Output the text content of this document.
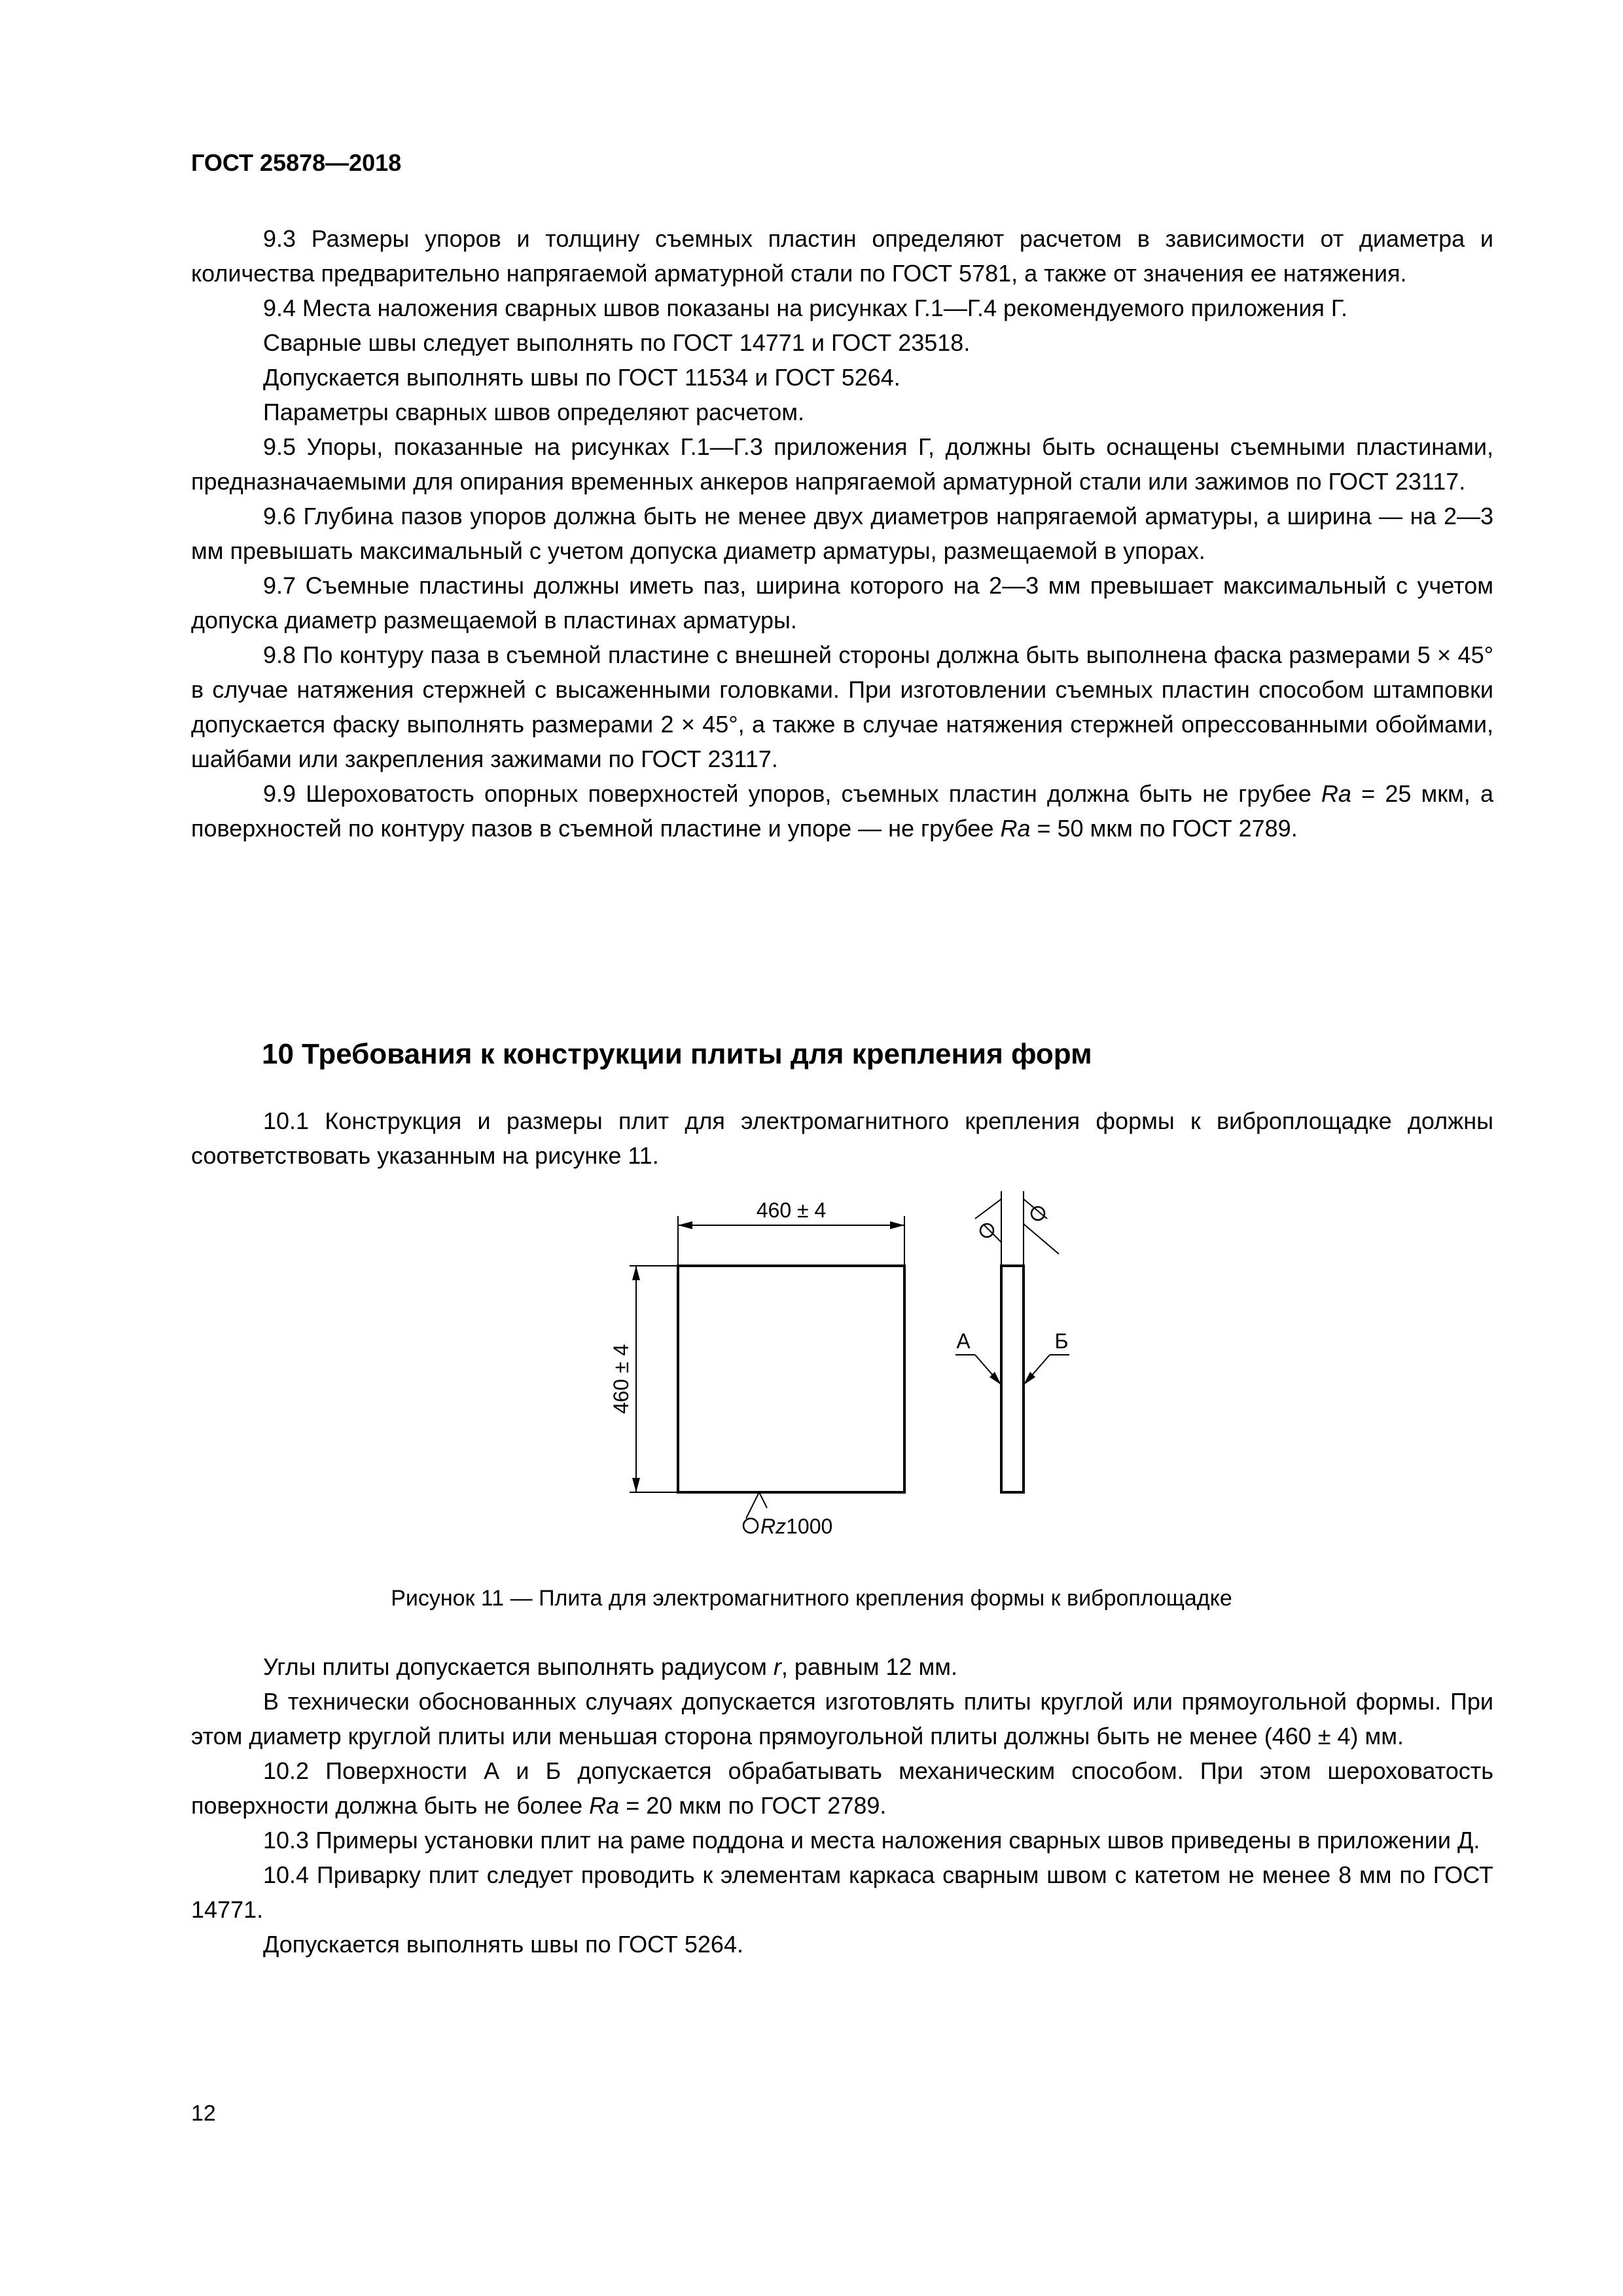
ГОСТ 25878—2018

9.3 Размеры упоров и толщину съемных пластин определяют расчетом в зависимости от диаметра и количества предварительно напрягаемой арматурной стали по ГОСТ 5781, а также от значения ее натяжения.

9.4 Места наложения сварных швов показаны на рисунках Г.1—Г.4 рекомендуемого приложения Г.

Сварные швы следует выполнять по ГОСТ 14771 и ГОСТ 23518.

Допускается выполнять швы по ГОСТ 11534 и ГОСТ 5264.

Параметры сварных швов определяют расчетом.

9.5 Упоры, показанные на рисунках Г.1—Г.3 приложения Г, должны быть оснащены съемными пластинами, предназначаемыми для опирания временных анкеров напрягаемой арматурной стали или зажимов по ГОСТ 23117.

9.6 Глубина пазов упоров должна быть не менее двух диаметров напрягаемой арматуры, а ширина — на 2—3 мм превышать максимальный с учетом допуска диаметр арматуры, размещаемой в упорах.

9.7 Съемные пластины должны иметь паз, ширина которого на 2—3 мм превышает максимальный с учетом допуска диаметр размещаемой в пластинах арматуры.

9.8 По контуру паза в съемной пластине с внешней стороны должна быть выполнена фаска размерами 5 × 45° в случае натяжения стержней с высаженными головками. При изготовлении съемных пластин способом штамповки допускается фаску выполнять размерами 2 × 45°, а также в случае натяжения стержней опрессованными обоймами, шайбами или закрепления зажимами по ГОСТ 23117.

9.9 Шероховатость опорных поверхностей упоров, съемных пластин должна быть не грубее Ra = 25 мкм, а поверхностей по контуру пазов в съемной пластине и упоре — не грубее Ra = 50 мкм по ГОСТ 2789.

10 Требования к конструкции плиты для крепления форм

10.1 Конструкция и размеры плит для электромагнитного крепления формы к виброплощадке должны соответствовать указанным на рисунке 11.

460 ± 4
460 ± 4
Rz1000
А	Б
Рисунок 11 — Плита для электромагнитного крепления формы к виброплощадке

Углы плиты допускается выполнять радиусом r, равным 12 мм.

В технически обоснованных случаях допускается изготовлять плиты круглой или прямоугольной формы. При этом диаметр круглой плиты или меньшая сторона прямоугольной плиты должны быть не менее (460 ± 4) мм.

10.2 Поверхности А и Б допускается обрабатывать механическим способом. При этом шероховатость поверхности должна быть не более Ra = 20 мкм по ГОСТ 2789.

10.3 Примеры установки плит на раме поддона и места наложения сварных швов приведены в приложении Д.

10.4 Приварку плит следует проводить к элементам каркаса сварным швом с катетом не менее 8 мм по ГОСТ 14771.

Допускается выполнять швы по ГОСТ 5264.

12
